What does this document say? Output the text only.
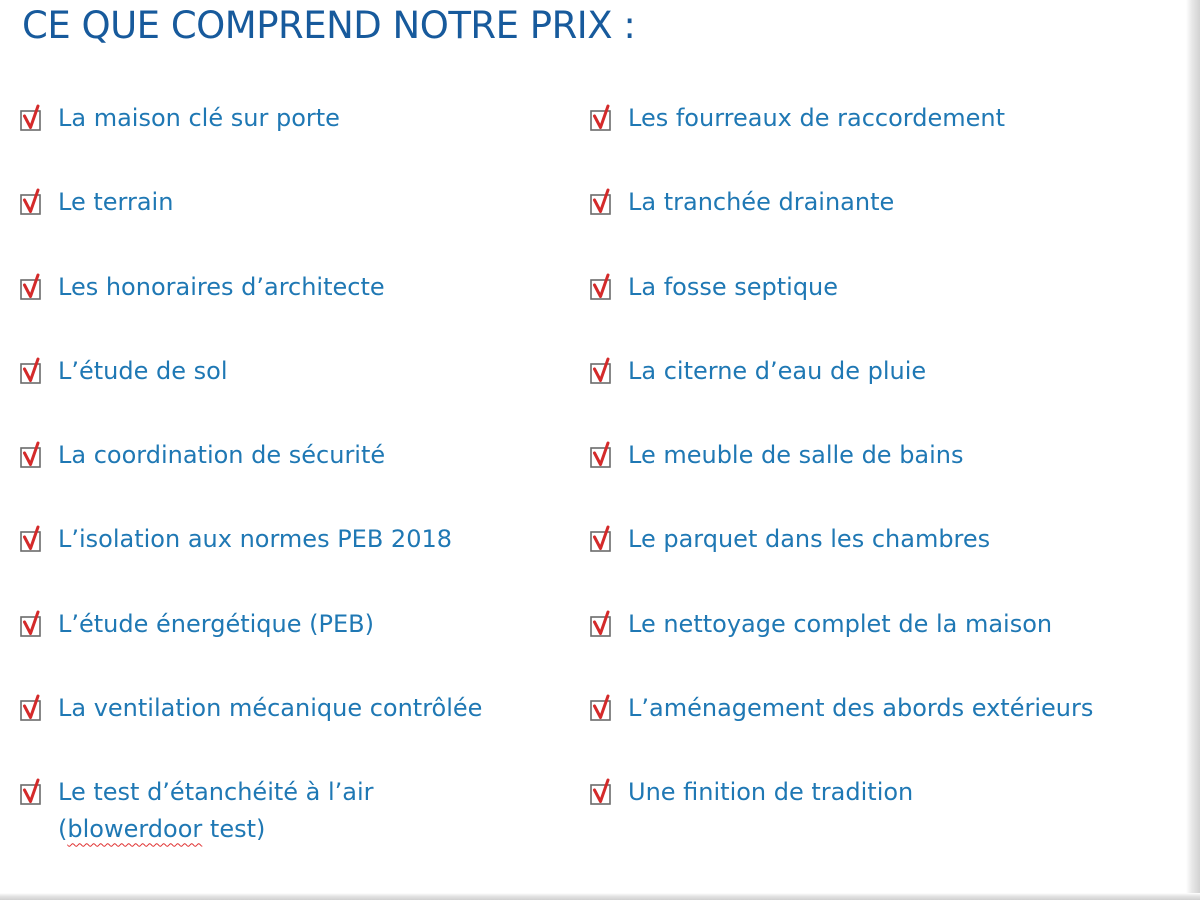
CE QUE COMPREND NOTRE PRIX :
La maison clé sur porte
Le terrain
Les honoraires d’architecte
L’étude de sol
La coordination de sécurité
L’isolation aux normes PEB 2018
L’étude énergétique (PEB)
La ventilation mécanique contrôlée
Le test d’étanchéité à l’air
(blowerdoor test)
Les fourreaux de raccordement
La tranchée drainante
La fosse septique
La citerne d’eau de pluie
Le meuble de salle de bains
Le parquet dans les chambres
Le nettoyage complet de la maison
L’aménagement des abords extérieurs
Une finition de tradition
